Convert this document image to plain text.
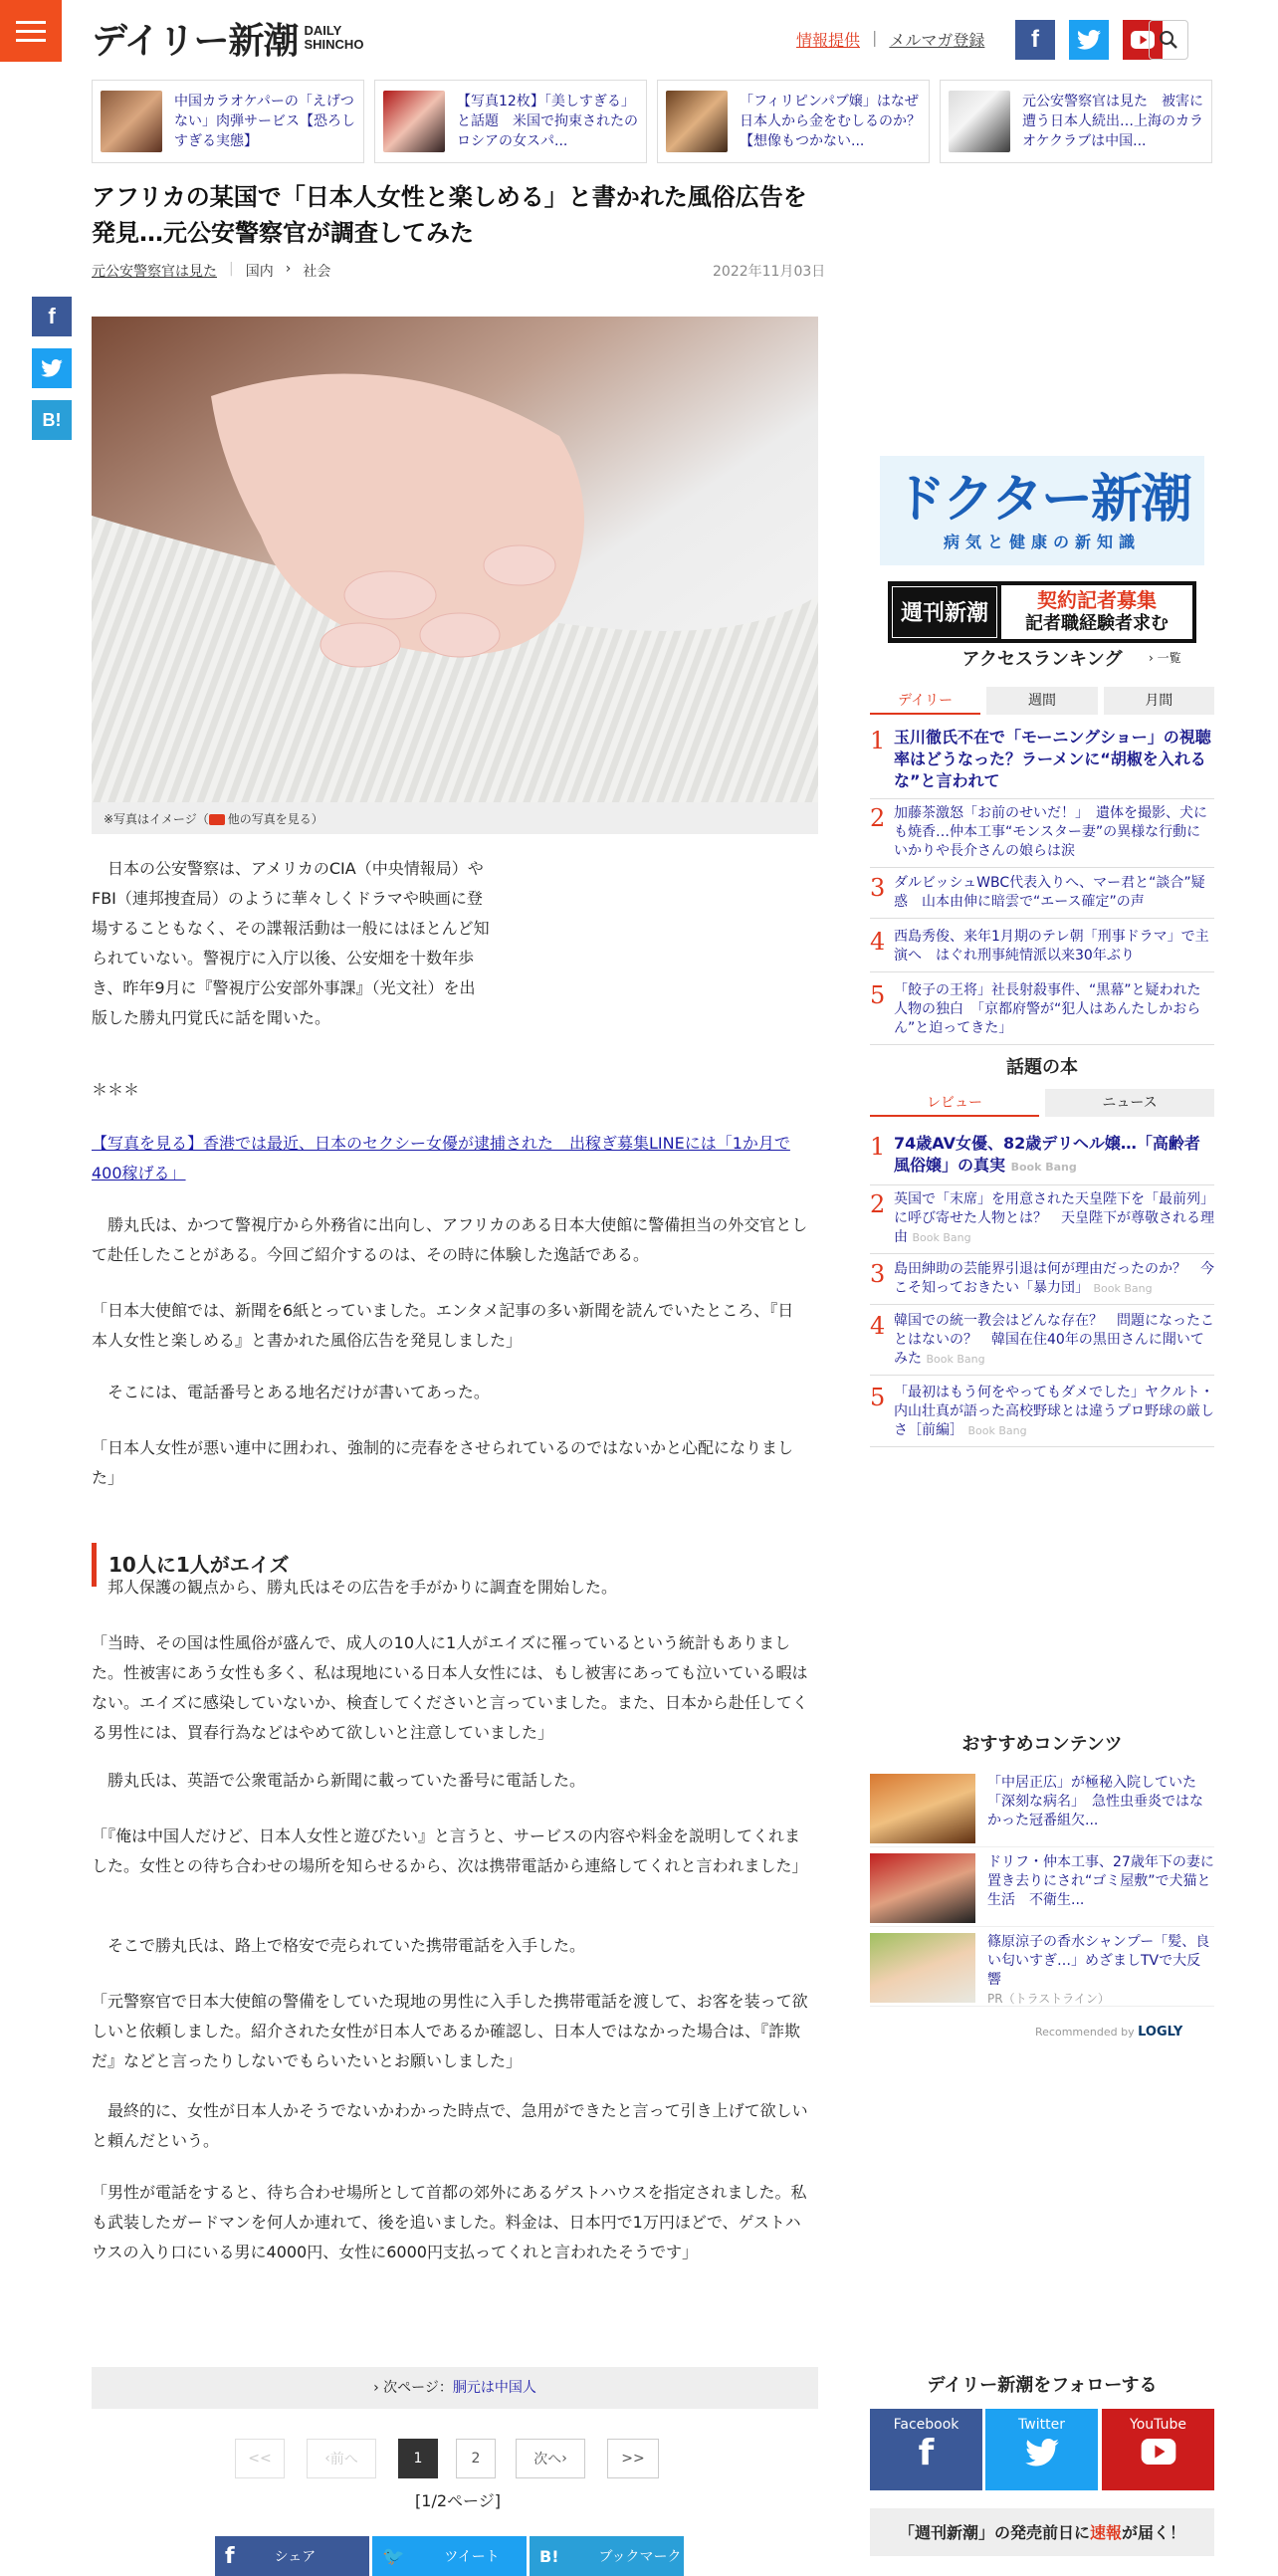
デイリー新潮 DAILY
SHINCHO	情報提供 | メルマガ登録	f
中国カラオケパーの「えげつない」肉弾サービス【恐ろしすぎる実態】
【写真12枚】「美しすぎる」と話題　米国で拘束されたのロシアの女スパ...
「フィリピンパブ嬢」はなぜ日本人から金をむしるのか？【想像もつかない...
元公安警察官は見た　被害に遭う日本人続出…上海のカラオケクラブは中国...
f
B!
アフリカの某国で「日本人女性と楽しめる」と書かれた風俗広告を発見…元公安警察官が調査してみた
元公安警察官は見た | 国内 › 社会	2022年11月03日
※写真はイメージ（ 他の写真を見る）

　日本の公安警察は、アメリカのCIA（中央情報局）やFBI（連邦捜査局）のように華々しくドラマや映画に登場することもなく、その諜報活動は一般にはほとんど知られていない。警視庁に入庁以後、公安畑を十数年歩き、昨年9月に『警視庁公安部外事課』（光文社）を出版した勝丸円覚氏に話を聞いた。

＊＊＊

【写真を見る】香港では最近、日本のセクシー女優が逮捕された　出稼ぎ募集LINEには「1か月で400稼げる」

　勝丸氏は、かつて警視庁から外務省に出向し、アフリカのある日本大使館に警備担当の外交官として赴任したことがある。今回ご紹介するのは、その時に体験した逸話である。

「日本大使館では、新聞を6紙とっていました。エンタメ記事の多い新聞を読んでいたところ、『日本人女性と楽しめる』と書かれた風俗広告を発見しました」

　そこには、電話番号とある地名だけが書いてあった。

「日本人女性が悪い連中に囲われ、強制的に売春をさせられているのではないかと心配になりました」

10人に1人がエイズ

　邦人保護の観点から、勝丸氏はその広告を手がかりに調査を開始した。

「当時、その国は性風俗が盛んで、成人の10人に1人がエイズに罹っているという統計もありました。性被害にあう女性も多く、私は現地にいる日本人女性には、もし被害にあっても泣いている暇はない。エイズに感染していないか、検査してくださいと言っていました。また、日本から赴任してくる男性には、買春行為などはやめて欲しいと注意していました」

　勝丸氏は、英語で公衆電話から新聞に載っていた番号に電話した。

「『俺は中国人だけど、日本人女性と遊びたい』と言うと、サービスの内容や料金を説明してくれました。女性との待ち合わせの場所を知らせるから、次は携帯電話から連絡してくれと言われました」

　そこで勝丸氏は、路上で格安で売られていた携帯電話を入手した。

「元警察官で日本大使館の警備をしていた現地の男性に入手した携帯電話を渡して、お客を装って欲しいと依頼しました。紹介された女性が日本人であるか確認し、日本人ではなかった場合は、『詐欺だ』などと言ったりしないでもらいたいとお願いしました」

　最終的に、女性が日本人かそうでないかわかった時点で、急用ができたと言って引き上げて欲しいと頼んだという。

「男性が電話をすると、待ち合わせ場所として首都の郊外にあるゲストハウスを指定されました。私も武装したガードマンを何人か連れて、後を追いました。料金は、日本円で1万円ほどで、ゲストハウスの入り口にいる男に4000円、女性に6000円支払ってくれと言われたそうです」

› 次ページ：胴元は中国人
<<	‹ 前へ	1	2	次へ ›	>>
[1/2ページ]
f	シェア	🐦	ツイート	B!	ブックマーク
ドクター新潮
病気と健康の新知識
週刊新潮	契約記者募集
記者職経験者求む
アクセスランキング	› 一覧
デイリー	週間	月間
1 玉川徹氏不在で「モーニングショー」の視聴率はどうなった？ラーメンに“胡椒を入れるな”と言われて
2 加藤茶激怒「お前のせいだ！」　遺体を撮影、犬にも焼香…仲本工事“モンスター妻”の異様な行動にいかりや長介さんの娘らは涙
3 ダルビッシュWBC代表入りへ、マー君と“談合”疑惑　山本由伸に暗雲で“エース確定”の声
4 西島秀俊、来年1月期のテレ朝「刑事ドラマ」で主演へ　はぐれ刑事純情派以来30年ぶり
5 「餃子の王将」社長射殺事件、“黒幕”と疑われた人物の独白　「京都府警が“犯人はあんたしかおらん”と迫ってきた」
話題の本
レビュー	ニュース
1 74歳AV女優、82歳デリヘル嬢…「高齢者風俗嬢」の真実 Book Bang
2 英国で「末席」を用意された天皇陛下を「最前列」に呼び寄せた人物とは？　天皇陛下が尊敬される理由 Book Bang
3 島田紳助の芸能界引退は何が理由だったのか？　今こそ知っておきたい「暴力団」 Book Bang
4 韓国での統一教会はどんな存在？　問題になったことはないの？　韓国在住40年の黒田さんに聞いてみた Book Bang
5 「最初はもう何をやってもダメでした」ヤクルト・内山壮真が語った高校野球とは違うプロ野球の厳しさ［前編］ Book Bang
おすすめコンテンツ
「中居正広」が極秘入院していた「深刻な病名」　急性虫垂炎ではなかった冠番組欠...
ドリフ・仲本工事、27歳年下の妻に置き去りにされ“ゴミ屋敷”で犬猫と生活　不衛生...
篠原涼子の香水シャンプー「髪、良い匂いすぎ…」めざましTVで大反響
PR（トラストライン）
Recommended by LOGLY
デイリー新潮をフォローする
Facebook
f
Twitter	YouTube
「週刊新潮」の発売前日に速報が届く！
